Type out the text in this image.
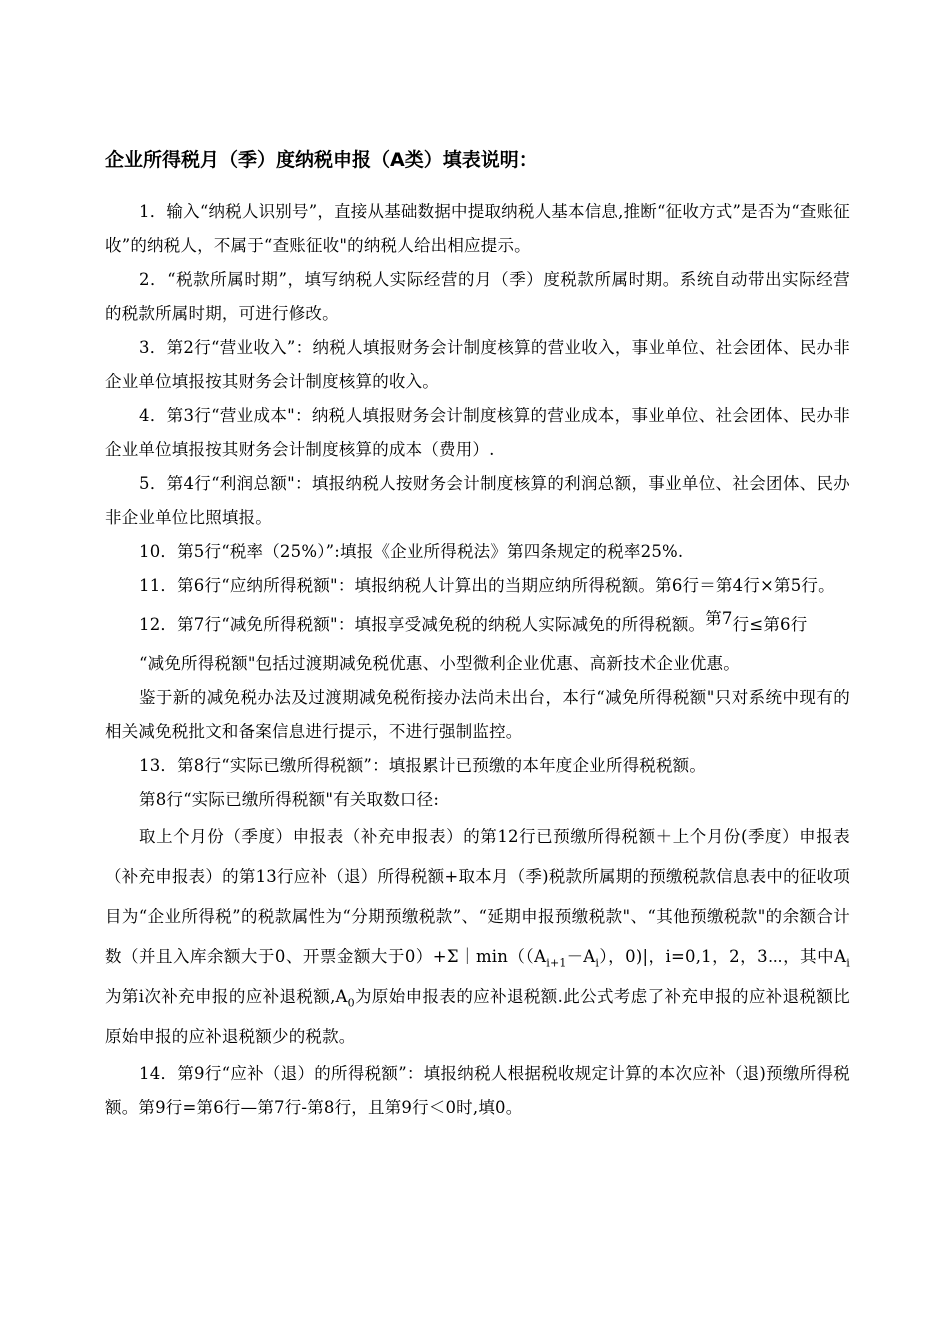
企业所得税月（季）度纳税申报（A类）填表说明：

1．输入“纳税人识别号”，直接从基础数据中提取纳税人基本信息,推断“征收方式”是否为“查账征收”的纳税人，不属于“查账征收"的纳税人给出相应提示。

2．“税款所属时期”，填写纳税人实际经营的月（季）度税款所属时期。系统自动带出实际经营的税款所属时期，可进行修改。

3．第2行“营业收入”：纳税人填报财务会计制度核算的营业收入，事业单位、社会团体、民办非企业单位填报按其财务会计制度核算的收入。

4．第3行“营业成本"：纳税人填报财务会计制度核算的营业成本，事业单位、社会团体、民办非企业单位填报按其财务会计制度核算的成本（费用）.

5．第4行“利润总额"：填报纳税人按财务会计制度核算的利润总额，事业单位、社会团体、民办非企业单位比照填报。

10．第5行“税率（25%）”:填报《企业所得税法》第四条规定的税率25%.

11．第6行“应纳所得税额"：填报纳税人计算出的当期应纳所得税额。第6行＝第4行×第5行。

12．第7行“减免所得税额"：填报享受减免税的纳税人实际减免的所得税额。第7行≤第6行

“减免所得税额"包括过渡期减免税优惠、小型微利企业优惠、高新技术企业优惠。

鉴于新的减免税办法及过渡期减免税衔接办法尚未出台，本行“减免所得税额"只对系统中现有的相关减免税批文和备案信息进行提示，不进行强制监控。

13．第8行“实际已缴所得税额”：填报累计已预缴的本年度企业所得税税额。

第8行“实际已缴所得税额"有关取数口径:

取上个月份（季度）申报表（补充申报表）的第12行已预缴所得税额＋上个月份(季度）申报表（补充申报表）的第13行应补（退）所得税额+取本月（季)税款所属期的预缴税款信息表中的征收项目为“企业所得税”的税款属性为“分期预缴税款”、“延期申报预缴税款"、“其他预缴税款"的余额合计数（并且入库余额大于0、开票金额大于$0)+\Sigma|\min((A_{i+1}-A_i)$，0)|，i=0,1，2，3⋯，其中$A_i$为第i次补充申报的应补退税额$,A_0$为原始申报表的应补退税额.此公式考虑了补充申报的应补退税额比原始申报的应补退税额少的税款。

14．第9行“应补（退）的所得税额”：填报纳税人根据税收规定计算的本次应补（退)预缴所得税额。第9行=第6行—第7行-第8行，且第9行＜0时,填0。
